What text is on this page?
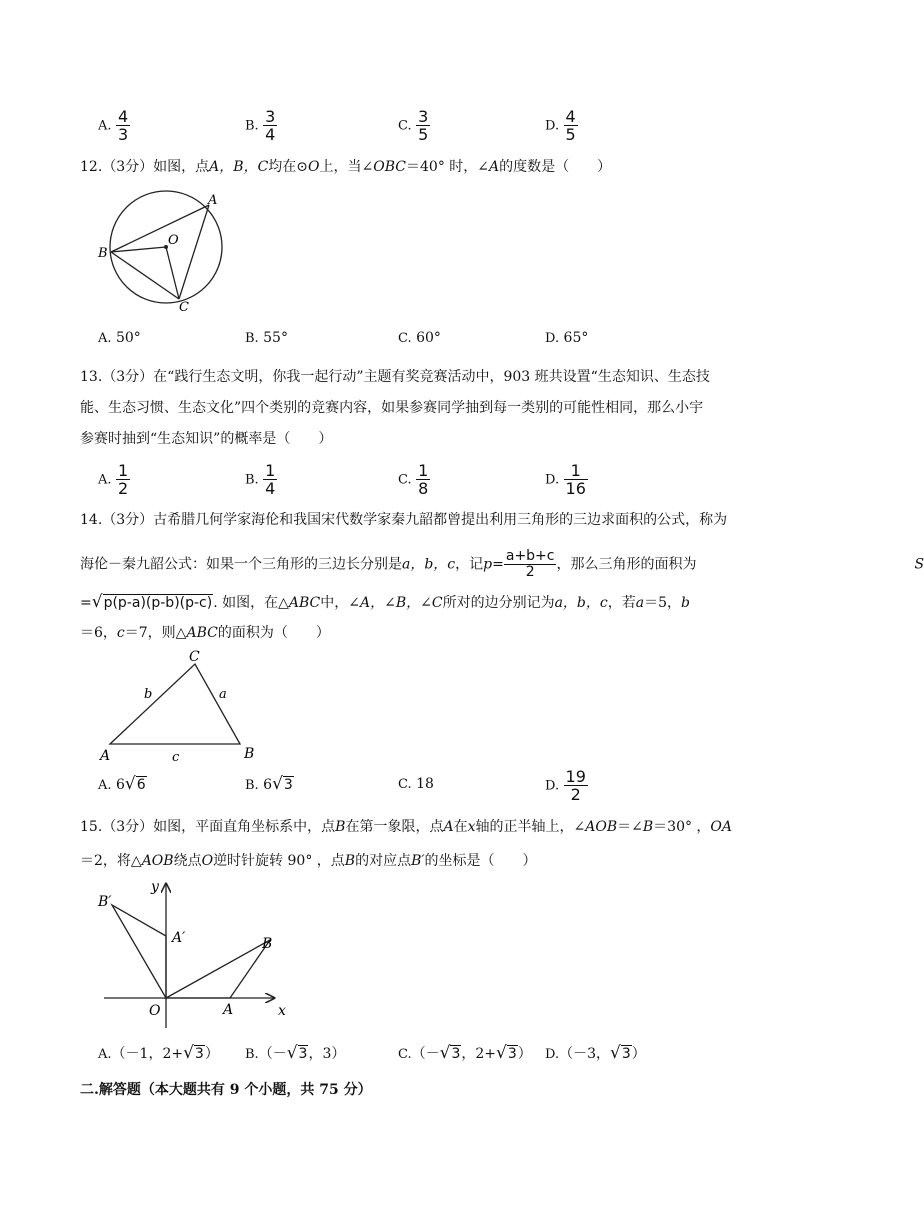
A. $\frac{4}{3}$	B. $\frac{3}{4}$	C. $\frac{3}{5}$	D. $\frac{4}{5}$
12.（3分）如图，点A，B，C均在⊙O上，当∠OBC＝40° 时，∠A的度数是（　　）
A
B
C
O
A. 50°	B. 55°	C. 60°	D. 65°
13.（3分）在“践行生态文明，你我一起行动”主题有奖竞赛活动中，903 班共设置“生态知识、生态技
能、生态习惯、生态文化”四个类别的竞赛内容，如果参赛同学抽到每一类别的可能性相同，那么小宇
参赛时抽到“生态知识”的概率是（　　）
A. $\frac{1}{2}$	B. $\frac{1}{4}$	C. $\frac{1}{8}$	D. $\frac{1}{16}$
14.（3分）古希腊几何学家海伦和我国宋代数学家秦九韶都曾提出利用三角形的三边求面积的公式，称为
海伦－秦九韶公式：如果一个三角形的三边长分别是a，b，c，记$p= \frac{a+b+c}{2}$ ，那么三角形的面积为	S
=√p(p-a)(p-b)(p-c). 如图，在△ABC中，∠A，∠B，∠C所对的边分别记为a，b，c，若a＝5，b
＝6，c＝7，则△ABC的面积为（　　）
A	B
C
b	a
c
A. 6√6	B. 6√3	C. 18	D. $\frac{19}{2}$
15.（3分）如图，平面直角坐标系中，点B在第一象限，点A在x轴的正半轴上，∠AOB＝∠B＝30° ，OA
＝2，将△AOB绕点O逆时针旋转 90° ，点B的对应点B′的坐标是（　　）
B′
A′	B
A
O	x
y
A.（－1，2+√3） B.（－√3，3）	C.（－√3，2+√3） D.（－3，√3）
二.解答题（本大题共有 9 个小题，共 75 分）
